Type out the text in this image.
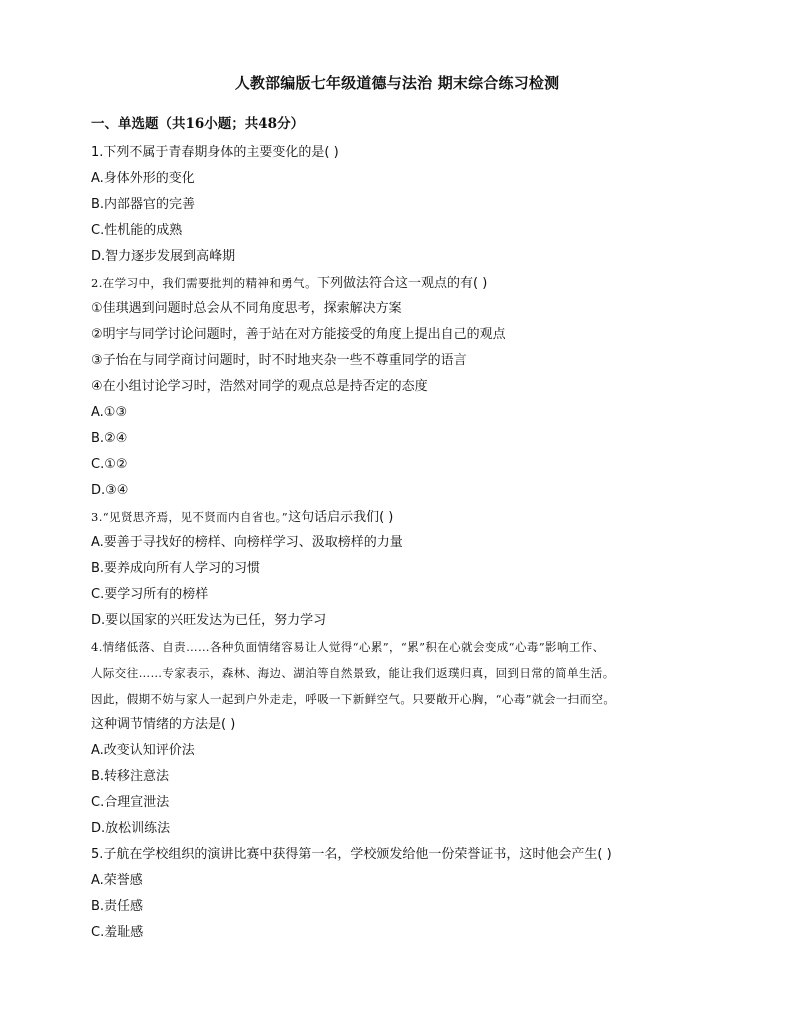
人教部编版七年级道德与法治 期末综合练习检测
一、单选题（共16小题；共48分）
1.下列不属于青春期身体的主要变化的是( )
A.身体外形的变化
B.内部器官的完善
C.性机能的成熟
D.智力逐步发展到高峰期
2.在学习中，我们需要批判的精神和勇气。下列做法符合这一观点的有( )
①佳琪遇到问题时总会从不同角度思考，探索解决方案
②明宇与同学讨论问题时，善于站在对方能接受的角度上提出自己的观点
③子怡在与同学商讨问题时，时不时地夹杂一些不尊重同学的语言
④在小组讨论学习时，浩然对同学的观点总是持否定的态度
A.①③
B.②④
C.①②
D.③④
3.“见贤思齐焉，见不贤而内自省也。”这句话启示我们( )
A.要善于寻找好的榜样、向榜样学习、汲取榜样的力量
B.要养成向所有人学习的习惯
C.要学习所有的榜样
D.要以国家的兴旺发达为已任，努力学习
4.情绪低落、自责……各种负面情绪容易让人觉得“心累”，“累”积在心就会变成“心毒”影响工作、
人际交往……专家表示，森林、海边、湖泊等自然景致，能让我们返璞归真，回到日常的简单生活。
因此，假期不妨与家人一起到户外走走，呼吸一下新鲜空气。只要敞开心胸，“心毒”就会一扫而空。
这种调节情绪的方法是( )
A.改变认知评价法
B.转移注意法
C.合理宣泄法
D.放松训练法
5.子航在学校组织的演讲比赛中获得第一名，学校颁发给他一份荣誉证书，这时他会产生( )
A.荣誉感
B.责任感
C.羞耻感
